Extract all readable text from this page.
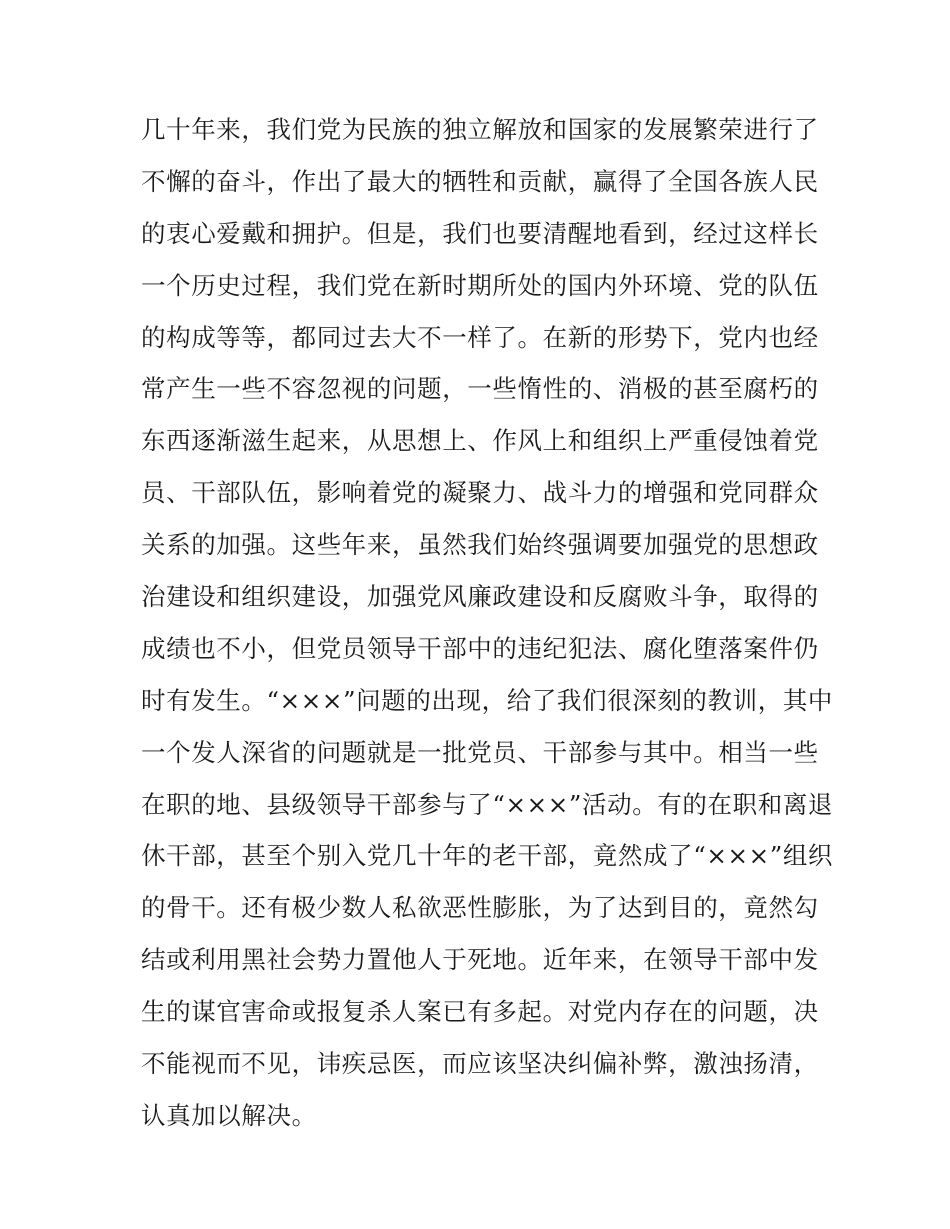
几十年来，我们党为民族的独立解放和国家的发展繁荣进行了
不懈的奋斗，作出了最大的牺牲和贡献，赢得了全国各族人民
的衷心爱戴和拥护。但是，我们也要清醒地看到，经过这样长
一个历史过程，我们党在新时期所处的国内外环境、党的队伍
的构成等等，都同过去大不一样了。在新的形势下，党内也经
常产生一些不容忽视的问题，一些惰性的、消极的甚至腐朽的
东西逐渐滋生起来，从思想上、作风上和组织上严重侵蚀着党
员、干部队伍，影响着党的凝聚力、战斗力的增强和党同群众
关系的加强。这些年来，虽然我们始终强调要加强党的思想政
治建设和组织建设，加强党风廉政建设和反腐败斗争，取得的
成绩也不小，但党员领导干部中的违纪犯法、腐化堕落案件仍
时有发生。“×××”问题的出现，给了我们很深刻的教训，其中
一个发人深省的问题就是一批党员、干部参与其中。相当一些
在职的地、县级领导干部参与了“×××”活动。有的在职和离退
休干部，甚至个别入党几十年的老干部，竟然成了“×××”组织
的骨干。还有极少数人私欲恶性膨胀，为了达到目的，竟然勾
结或利用黑社会势力置他人于死地。近年来，在领导干部中发
生的谋官害命或报复杀人案已有多起。对党内存在的问题，决
不能视而不见，讳疾忌医，而应该坚决纠偏补弊，激浊扬清，
认真加以解决。
